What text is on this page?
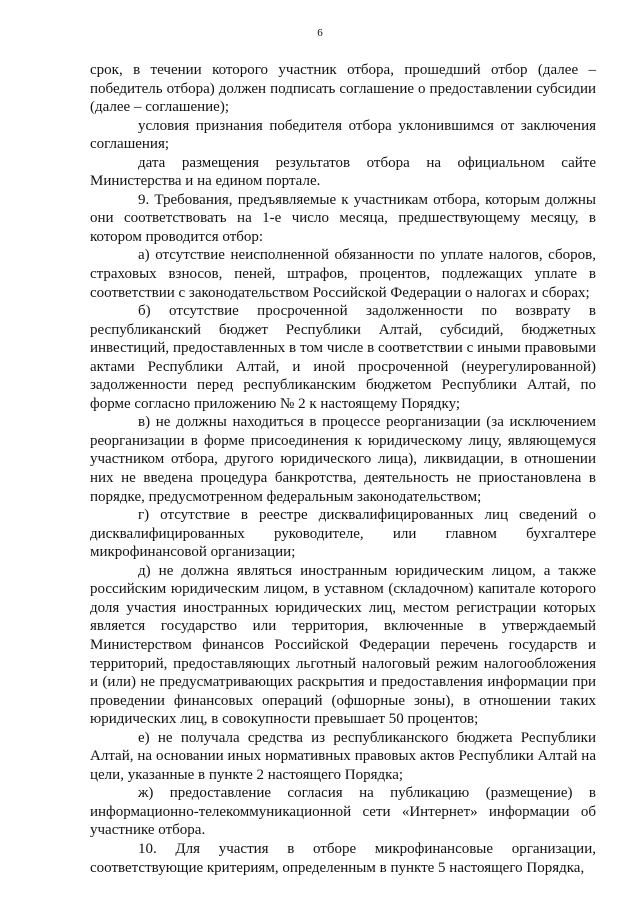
6

срок, в течении которого участник отбора, прошедший отбор (далее – победитель отбора) должен подписать соглашение о предоставлении субсидии (далее – соглашение);

условия признания победителя отбора уклонившимся от заключения соглашения;

дата размещения результатов отбора на официальном сайте Министерства и на едином портале.

9. Требования, предъявляемые к участникам отбора, которым должны они соответствовать на 1-е число месяца, предшествующему месяцу, в котором проводится отбор:

а) отсутствие неисполненной обязанности по уплате налогов, сборов, страховых взносов, пеней, штрафов, процентов, подлежащих уплате в соответствии с законодательством Российской Федерации о налогах и сборах;

б) отсутствие просроченной задолженности по возврату в республиканский бюджет Республики Алтай, субсидий, бюджетных инвестиций, предоставленных в том числе в соответствии с иными правовыми актами Республики Алтай, и иной просроченной (неурегулированной) задолженности перед республиканским бюджетом Республики Алтай, по форме согласно приложению № 2 к настоящему Порядку;

в) не должны находиться в процессе реорганизации (за исключением реорганизации в форме присоединения к юридическому лицу, являющемуся участником отбора, другого юридического лица), ликвидации, в отношении них не введена процедура банкротства, деятельность не приостановлена в порядке, предусмотренном федеральным законодательством;

г) отсутствие в реестре дисквалифицированных лиц сведений о дисквалифицированных руководителе, или главном бухгалтере микрофинансовой организации;

д) не должна являться иностранным юридическим лицом, а также российским юридическим лицом, в уставном (складочном) капитале которого доля участия иностранных юридических лиц, местом регистрации которых является государство или территория, включенные в утверждаемый Министерством финансов Российской Федерации перечень государств и территорий, предоставляющих льготный налоговый режим налогообложения и (или) не предусматривающих раскрытия и предоставления информации при проведении финансовых операций (офшорные зоны), в отношении таких юридических лиц, в совокупности превышает 50 процентов;

е) не получала средства из республиканского бюджета Республики Алтай, на основании иных нормативных правовых актов Республики Алтай на цели, указанные в пункте 2 настоящего Порядка;

ж) предоставление согласия на публикацию (размещение) в информационно-телекоммуникационной сети «Интернет» информации об участнике отбора.

10. Для участия в отборе микрофинансовые организации, соответствующие критериям, определенным в пункте 5 настоящего Порядка,
